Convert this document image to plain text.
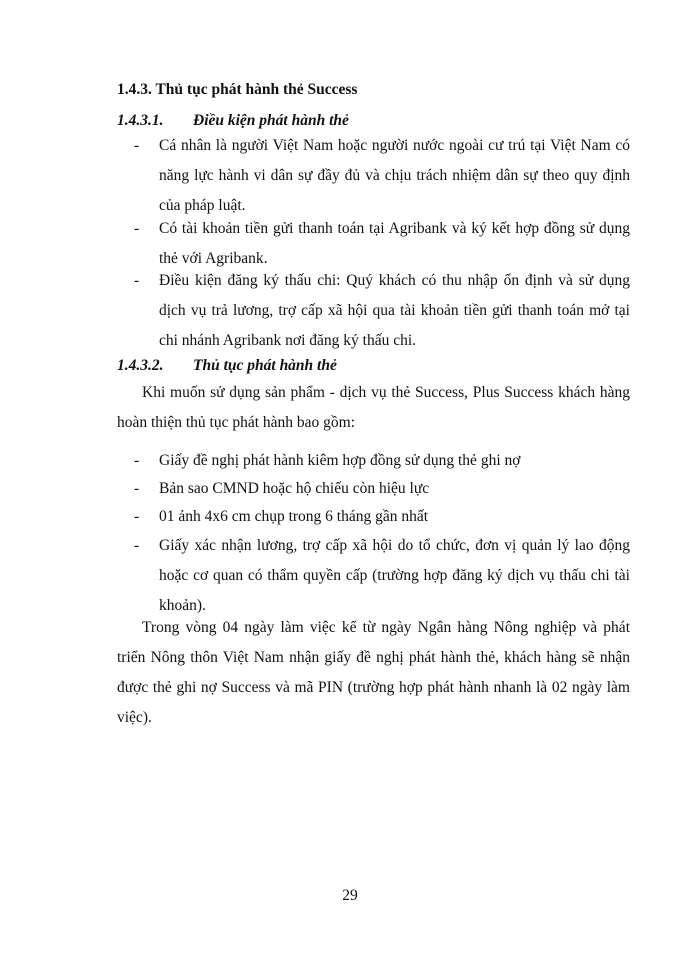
1.4.3. Thủ tục phát hành thẻ Success
1.4.3.1. Điều kiện phát hành thẻ
- Cá nhân là người Việt Nam hoặc người nước ngoài cư trú tại Việt Nam có năng lực hành vi dân sự đầy đủ và chịu trách nhiệm dân sự theo quy định của pháp luật.
- Có tài khoản tiền gửi thanh toán tại Agribank và ký kết hợp đồng sử dụng thẻ với Agribank.
- Điều kiện đăng ký thấu chi: Quý khách có thu nhập ổn định và sử dụng dịch vụ trả lương, trợ cấp xã hội qua tài khoản tiền gửi thanh toán mở tại chi nhánh Agribank nơi đăng ký thấu chi.
1.4.3.2. Thủ tục phát hành thẻ
Khi muốn sử dụng sản phẩm - dịch vụ thẻ Success, Plus Success khách hàng hoàn thiện thủ tục phát hành bao gồm:
- Giấy đề nghị phát hành kiêm hợp đồng sử dụng thẻ ghi nợ
- Bản sao CMND hoặc hộ chiếu còn hiệu lực
- 01 ảnh 4x6 cm chụp trong 6 tháng gần nhất
- Giấy xác nhận lương, trợ cấp xã hội do tổ chức, đơn vị quản lý lao động hoặc cơ quan có thẩm quyền cấp (trường hợp đăng ký dịch vụ thấu chi tài khoản).
Trong vòng 04 ngày làm việc kể từ ngày Ngân hàng Nông nghiệp và phát triển Nông thôn Việt Nam nhận giấy đề nghị phát hành thẻ, khách hàng sẽ nhận được thẻ ghi nợ Success và mã PIN (trường hợp phát hành nhanh là 02 ngày làm việc).
29
